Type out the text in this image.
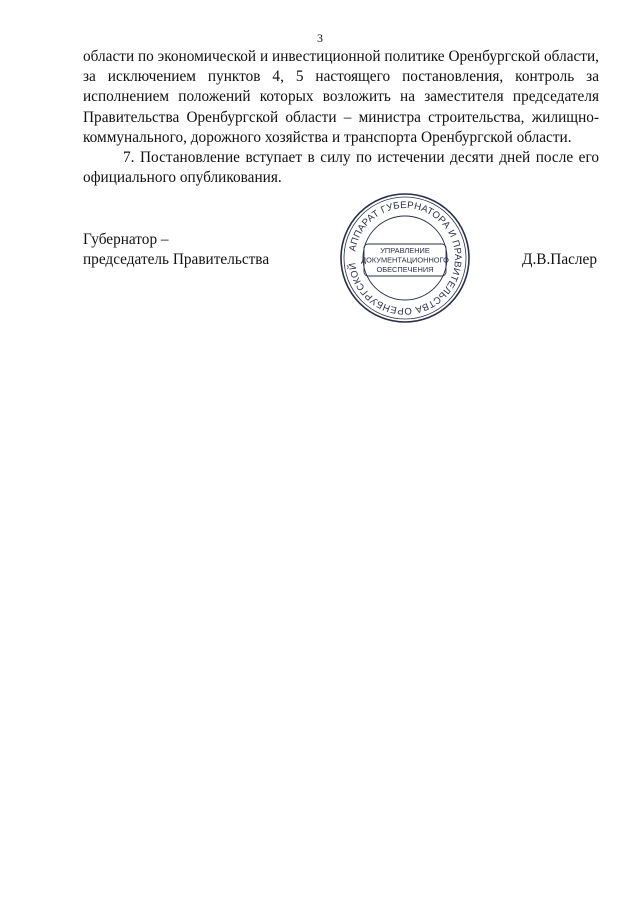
3

области по экономической и инвестиционной политике Оренбургской области, за исключением пунктов 4, 5 настоящего постановления, контроль за исполнением положений которых возложить на заместителя председателя Правительства Оренбургской области – министра строительства, жилищно-коммунального, дорожного хозяйства и транспорта Оренбургской области.

7. Постановление вступает в силу по истечении десяти дней после его официального опубликования.

Губернатор –
председатель Правительства
АППАРАТ ГУБЕРНАТОРА И ПРАВИТЕЛЬСТВА ОРЕНБУРГСКОЙ
УПРАВЛЕНИЕ
ДОКУМЕНТАЦИОННОГО
ОБЕСПЕЧЕНИЯ
Д.В.Паслер
